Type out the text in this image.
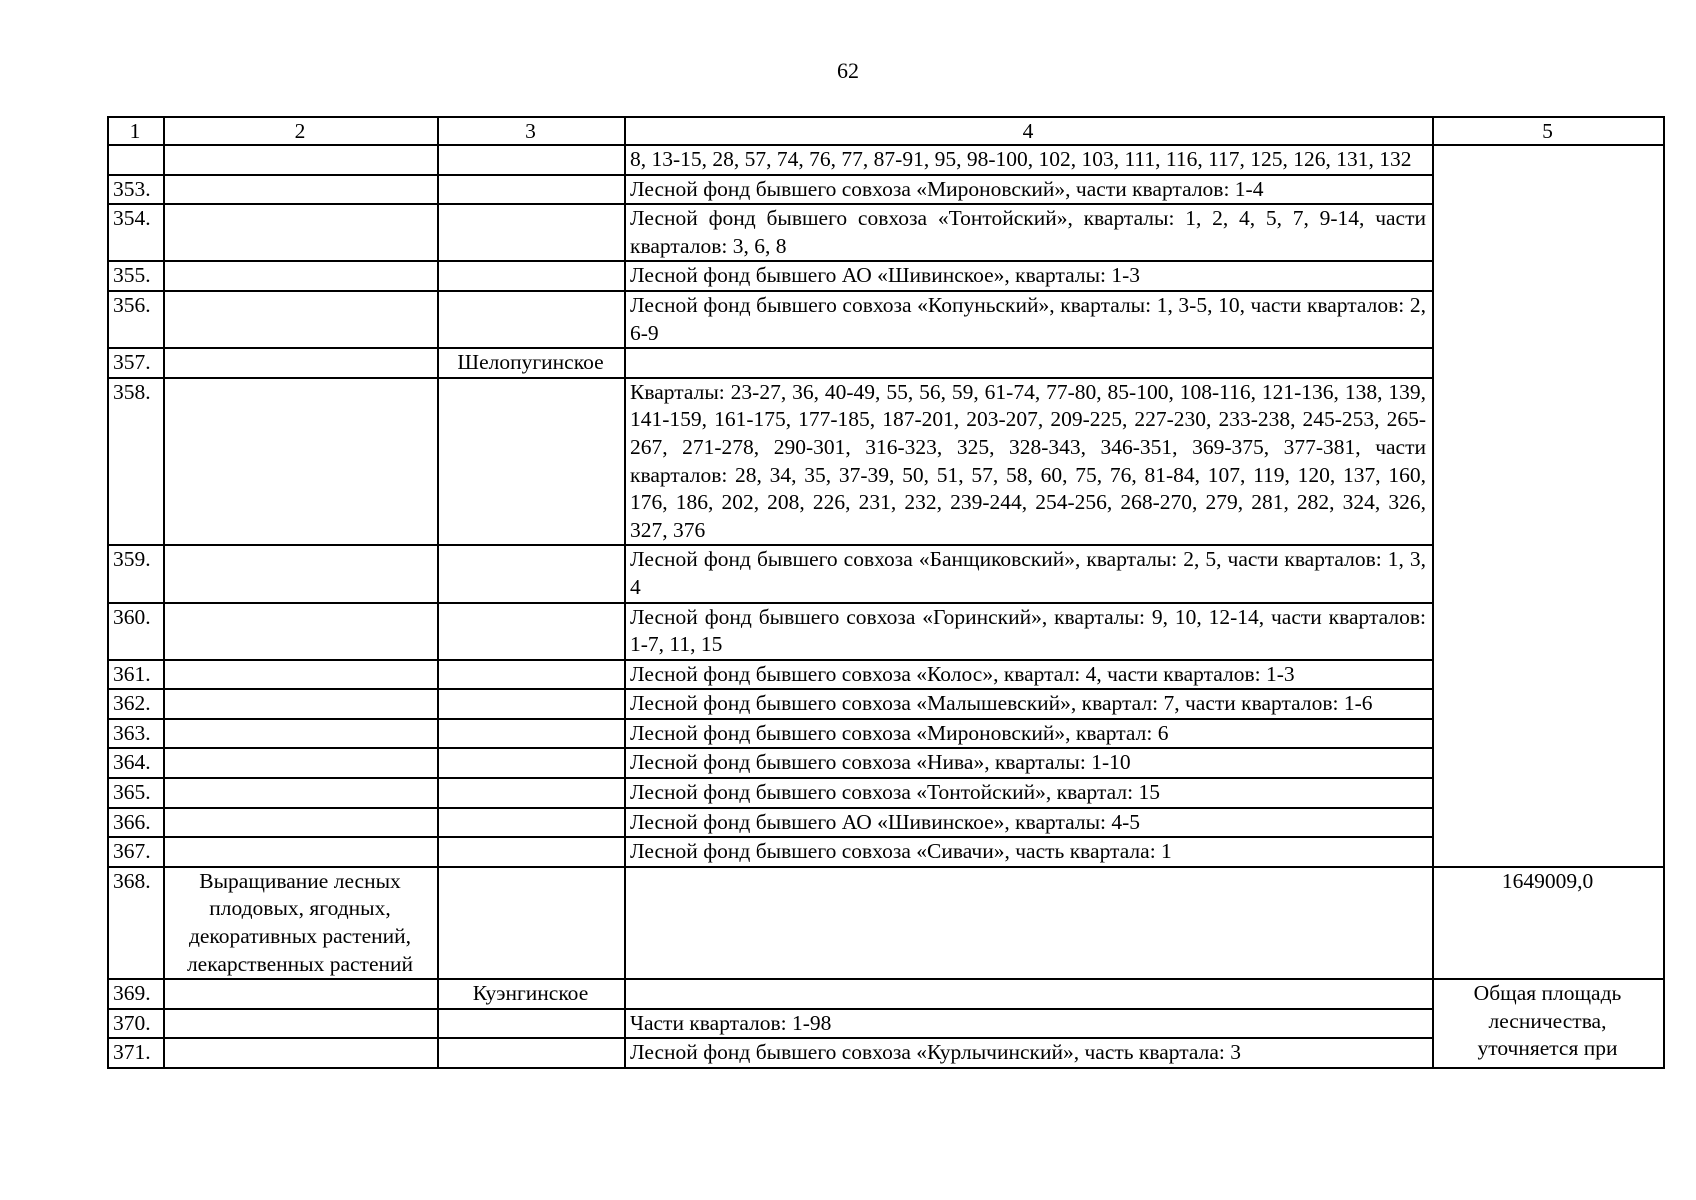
62
1	2	3	4	5
			8, 13-15, 28, 57, 74, 76, 77, 87-91, 95, 98-100, 102, 103, 111, 116, 117, 125, 126, 131, 132	
353.			Лесной фонд бывшего совхоза «Мироновский», части кварталов: 1-4	
354.			Лесной фонд бывшего совхоза «Тонтойский», кварталы: 1, 2, 4, 5, 7, 9-14, части кварталов: 3, 6, 8	
355.			Лесной фонд бывшего АО «Шивинское», кварталы: 1-3	
356.			Лесной фонд бывшего совхоза «Копуньский», кварталы: 1, 3-5, 10, части кварталов: 2, 6-9	
357.		Шелопугинское		
358.			Кварталы: 23-27, 36, 40-49, 55, 56, 59, 61-74, 77-80, 85-100, 108-116, 121-136, 138, 139, 141-159, 161-175, 177-185, 187-201, 203-207, 209-225, 227-230, 233-238, 245-253, 265-267, 271-278, 290-301, 316-323, 325, 328-343, 346-351, 369-375, 377-381, части кварталов: 28, 34, 35, 37-39, 50, 51, 57, 58, 60, 75, 76, 81-84, 107, 119, 120, 137, 160, 176, 186, 202, 208, 226, 231, 232, 239-244, 254-256, 268-270, 279, 281, 282, 324, 326, 327, 376	
359.			Лесной фонд бывшего совхоза «Банщиковский», кварталы: 2, 5, части кварталов: 1, 3, 4	
360.			Лесной фонд бывшего совхоза «Горинский», кварталы: 9, 10, 12-14, части кварталов: 1-7, 11, 15	
361.			Лесной фонд бывшего совхоза «Колос», квартал: 4, части кварталов: 1-3	
362.			Лесной фонд бывшего совхоза «Малышевский», квартал: 7, части кварталов: 1-6	
363.			Лесной фонд бывшего совхоза «Мироновский», квартал: 6	
364.			Лесной фонд бывшего совхоза «Нива», кварталы: 1-10	
365.			Лесной фонд бывшего совхоза «Тонтойский», квартал: 15	
366.			Лесной фонд бывшего АО «Шивинское», кварталы: 4-5	
367.			Лесной фонд бывшего совхоза «Сивачи», часть квартала: 1	
368.	Выращивание лесных плодовых, ягодных, декоративных растений, лекарственных растений			1649009,0
369.		Куэнгинское		Общая площадь лесничества, уточняется при
370.			Части кварталов: 1-98	
371.			Лесной фонд бывшего совхоза «Курлычинский», часть квартала: 3	
